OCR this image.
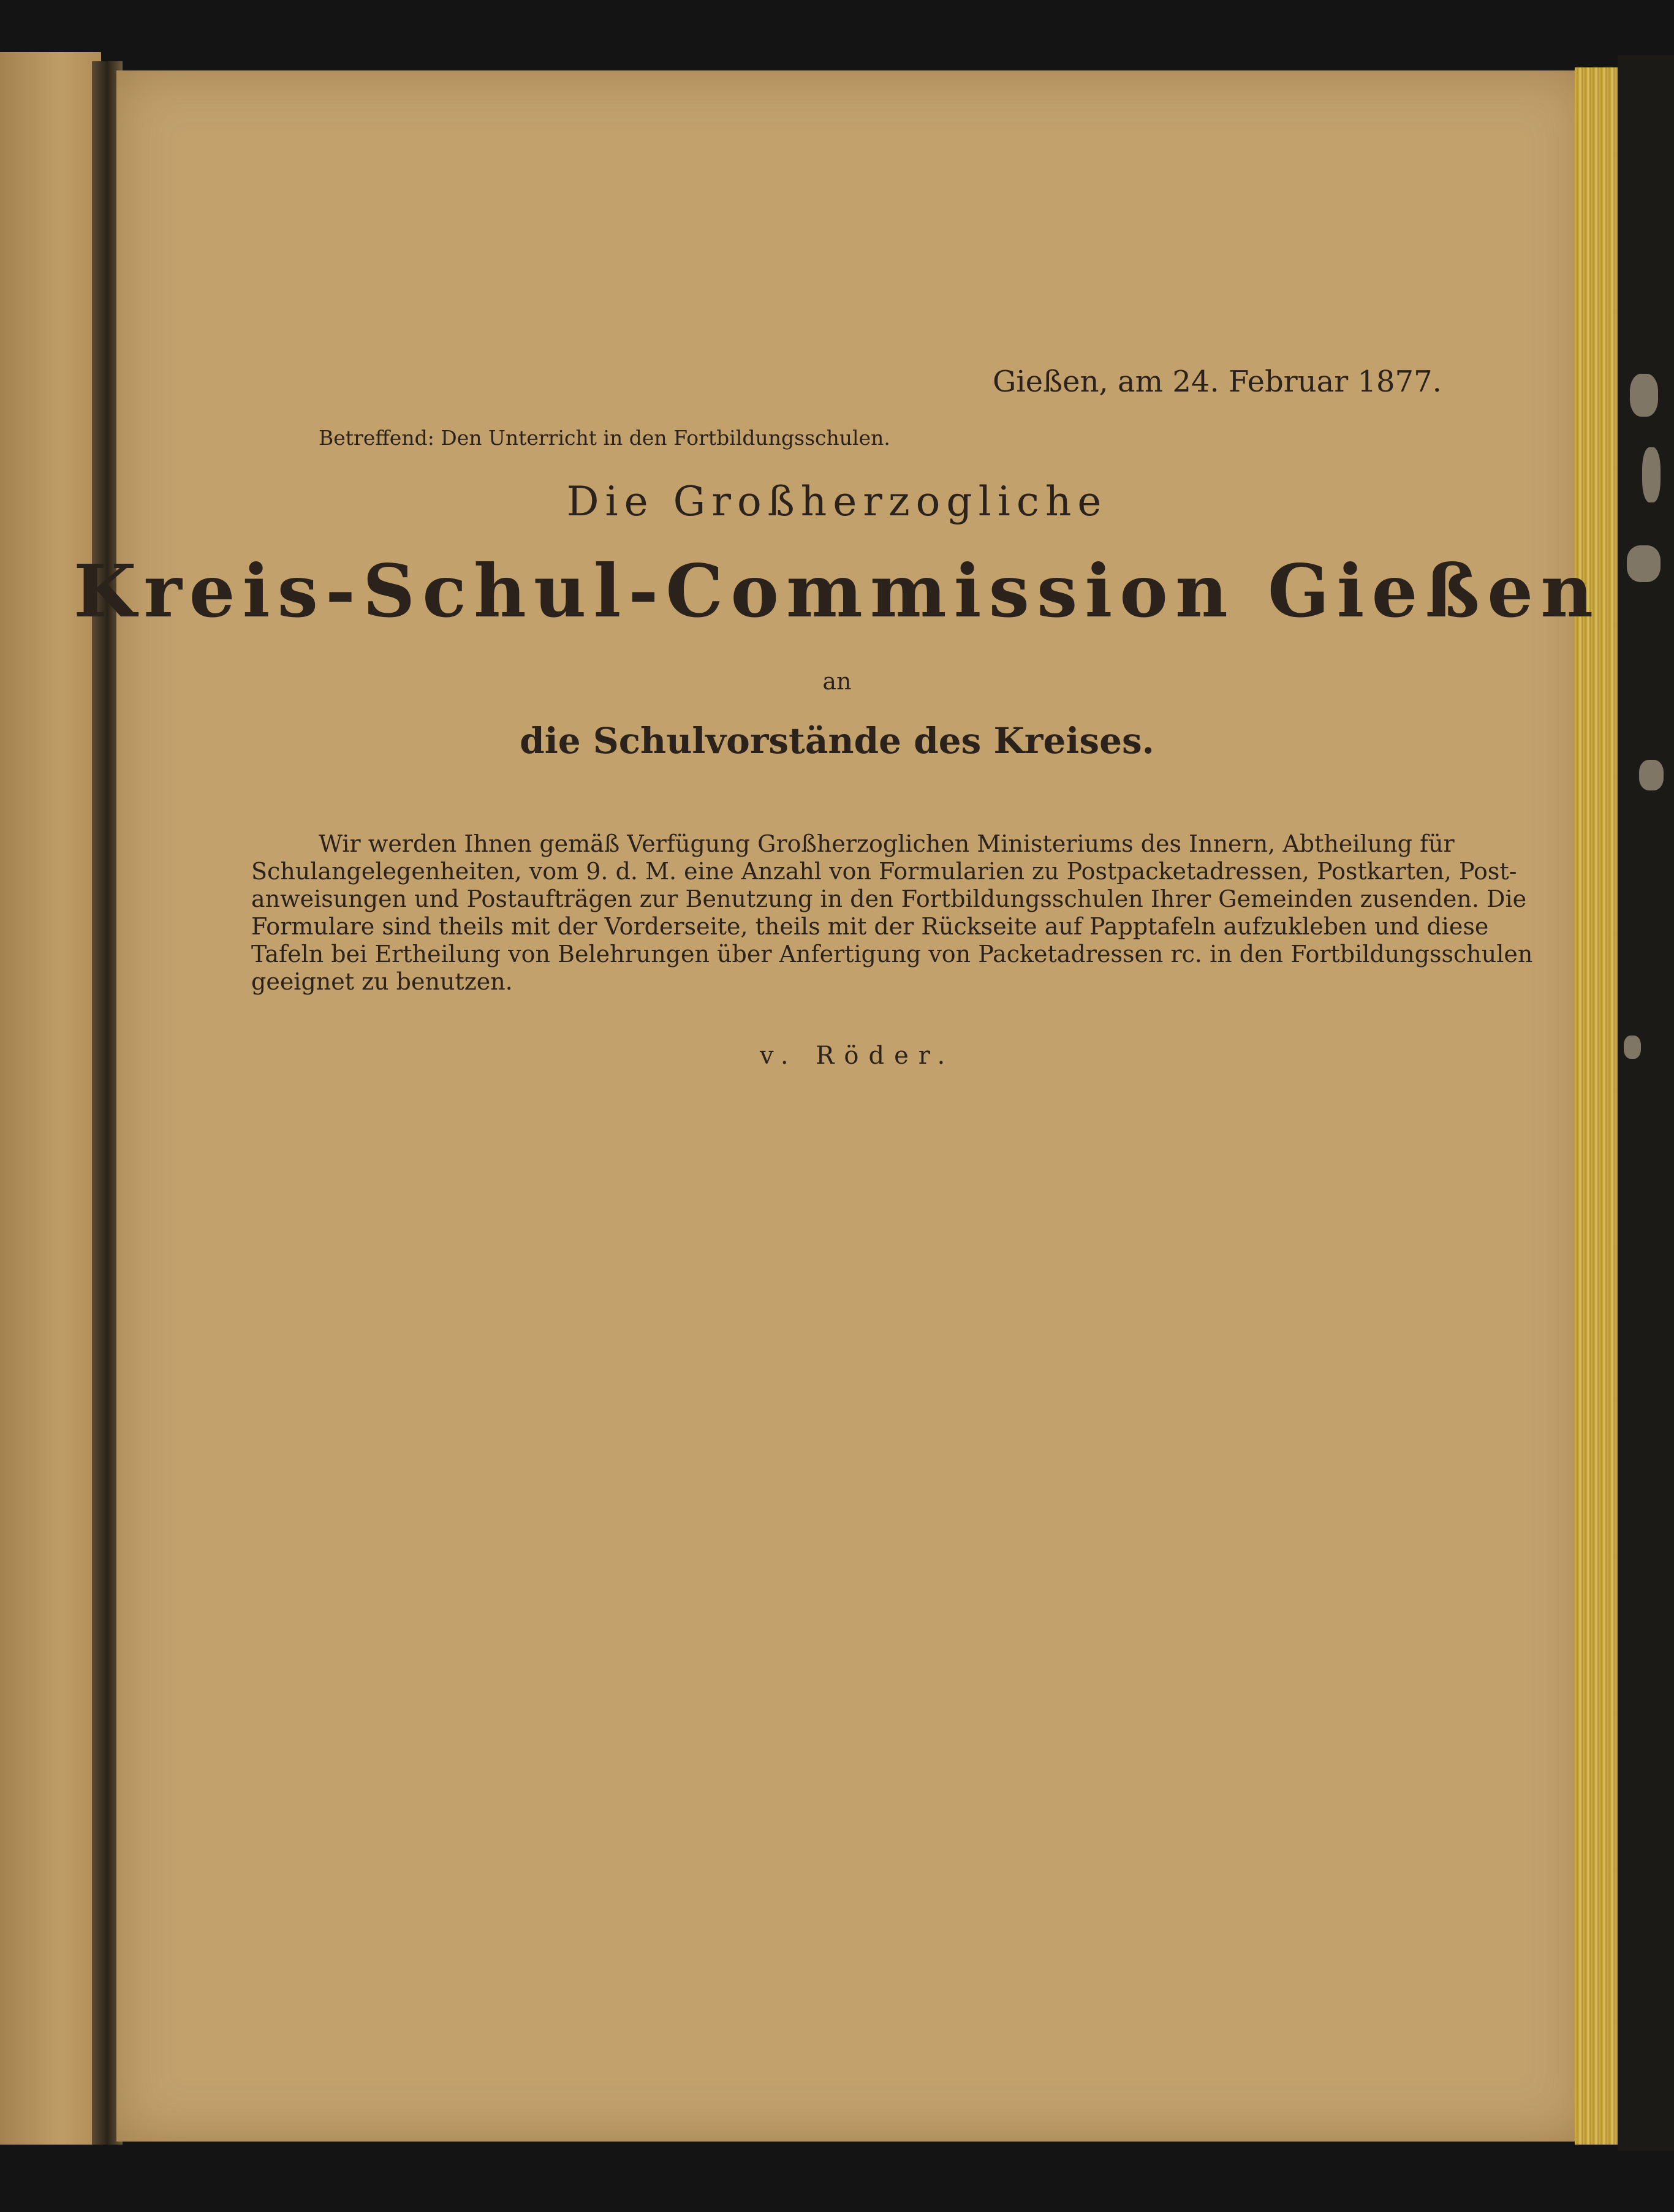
Gießen, am 24. Februar 1877.
Betreffend: Den Unterricht in den Fortbildungsschulen.
Die Großherzogliche
Kreis-Schul-Commission Gießen
an
die Schulvorstände des Kreises.
Wir werden Ihnen gemäß Verfügung Großherzoglichen Ministeriums des Innern, Abtheilung für
Schulangelegenheiten, vom 9. d. M. eine Anzahl von Formularien zu Postpacketadressen, Postkarten, Post-
anweisungen und Postaufträgen zur Benutzung in den Fortbildungsschulen Ihrer Gemeinden zusenden. Die
Formulare sind theils mit der Vorderseite, theils mit der Rückseite auf Papptafeln aufzukleben und diese
Tafeln bei Ertheilung von Belehrungen über Anfertigung von Packetadressen rc. in den Fortbildungsschulen
geeignet zu benutzen.
v. Röder.
